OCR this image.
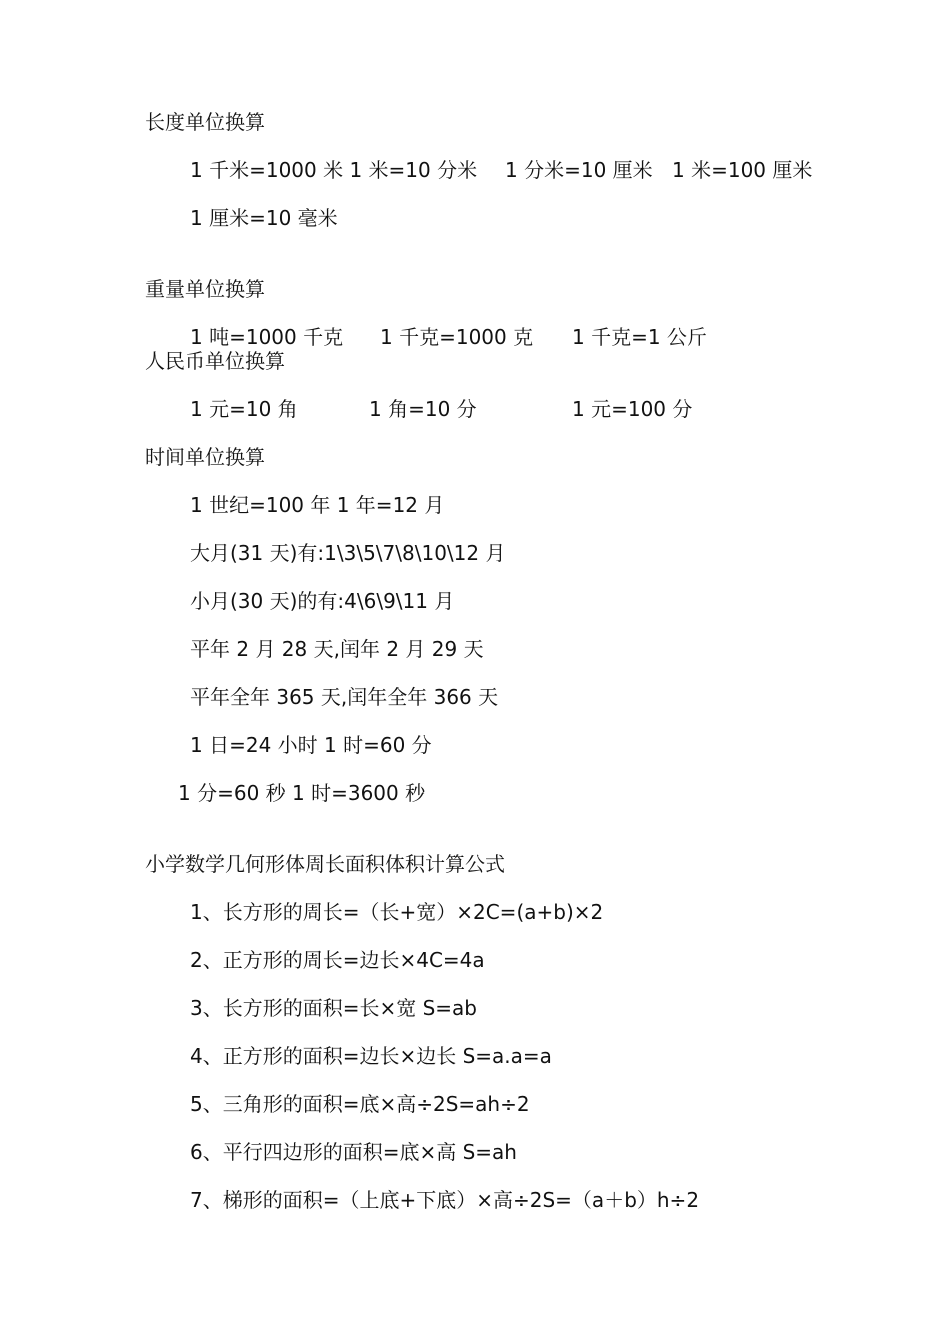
长度单位换算
1 千米=1000 米 1 米=10 分米 1 分米=10 厘米 1 米=100 厘米
1 厘米=10 毫米
重量单位换算
1 吨=1000 千克 1 千克=1000 克 1 千克=1 公斤
人民币单位换算
1 元=10 角	1 角=10 分	1 元=100 分
时间单位换算
1 世纪=100 年 1 年=12 月
大月(31 天)有:1\3\5\7\8\10\12 月
小月(30 天)的有:4\6\9\11 月
平年 2 月 28 天,闰年 2 月 29 天
平年全年 365 天,闰年全年 366 天
1 日=24 小时 1 时=60 分
1 分=60 秒 1 时=3600 秒
小学数学几何形体周长面积体积计算公式
1、长方形的周长=（长+宽）×2C=(a+b)×2
2、正方形的周长=边长×4C=4a
3、长方形的面积=长×宽 S=ab
4、正方形的面积=边长×边长 S=a.a=a
5、三角形的面积=底×高÷2S=ah÷2
6、平行四边形的面积=底×高 S=ah
7、梯形的面积=（上底+下底）×高÷2S=（a＋b）h÷2
